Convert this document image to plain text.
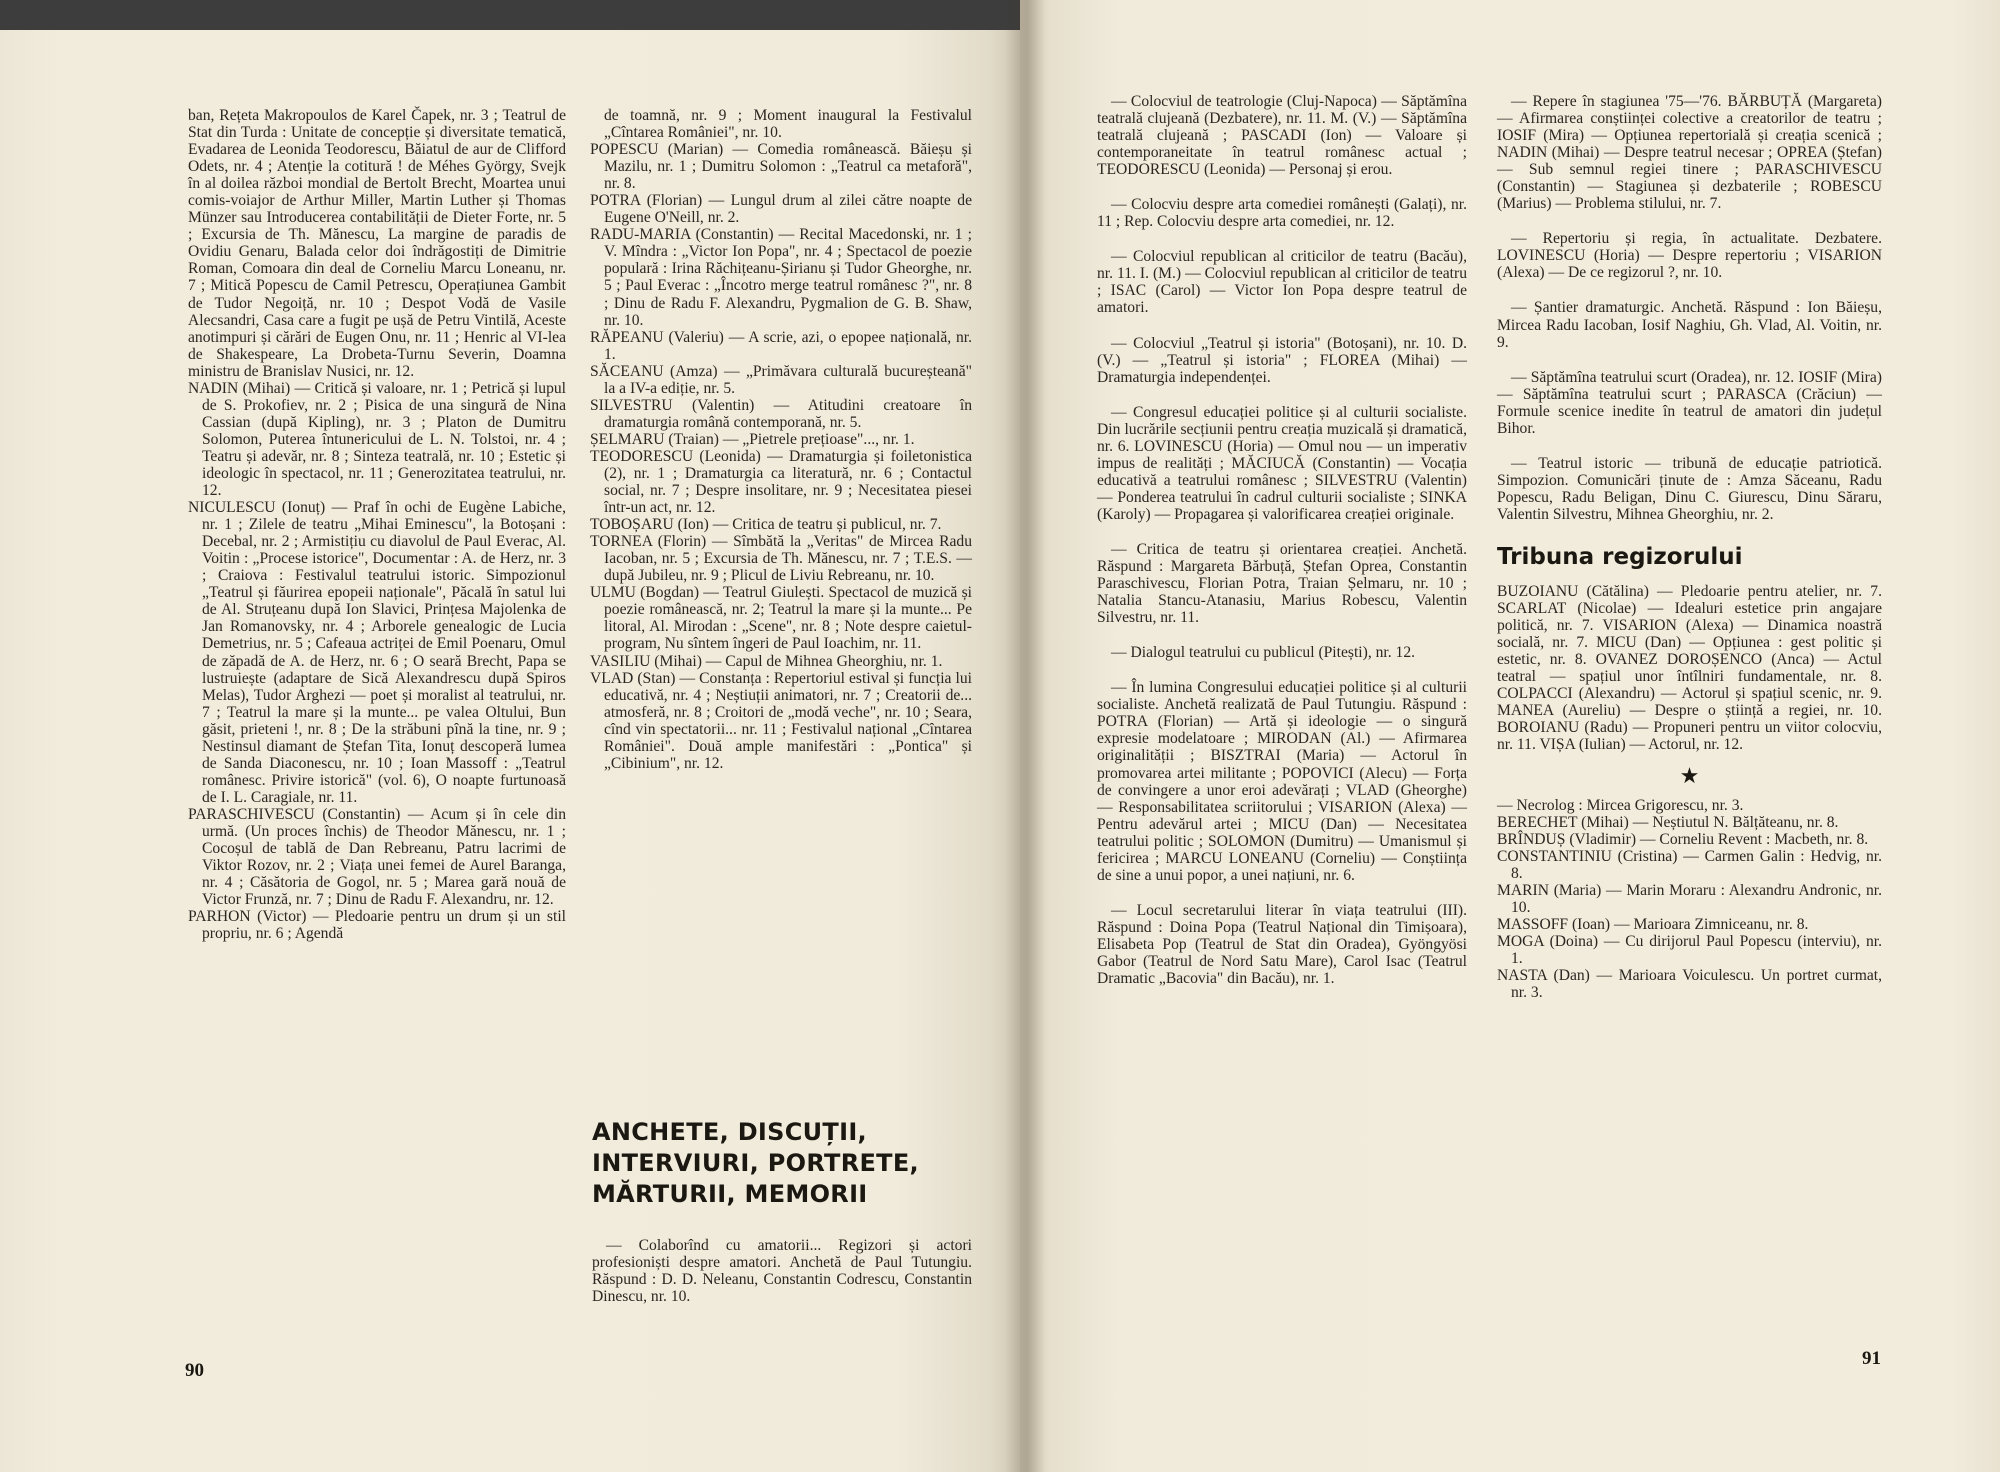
ban, Rețeta Makropoulos de Karel Čapek, nr. 3 ; Teatrul de Stat din Turda : Unitate de concepție și diversitate tematică, Evadarea de Leonida Teodorescu, Băiatul de aur de Clifford Odets, nr. 4 ; Atenție la cotitură ! de Méhes György, Svejk în al doilea război mondial de Bertolt Brecht, Moartea unui comis-voiajor de Arthur Miller, Martin Luther și Thomas Münzer sau Introducerea contabilității de Dieter Forte, nr. 5 ; Excursia de Th. Mănescu, La margine de paradis de Ovidiu Genaru, Balada celor doi îndrăgostiți de Dimitrie Roman, Comoara din deal de Corneliu Marcu Loneanu, nr. 7 ; Mitică Popescu de Camil Petrescu, Operațiunea Gambit de Tudor Negoiță, nr. 10 ; Despot Vodă de Vasile Alecsandri, Casa care a fugit pe ușă de Petru Vintilă, Aceste anotimpuri și cărări de Eugen Onu, nr. 11 ; Henric al VI-lea de Shakespeare, La Drobeta-Turnu Severin, Doamna ministru de Branislav Nusici, nr. 12.

NADIN (Mihai) — Critică și valoare, nr. 1 ; Petrică și lupul de S. Prokofiev, nr. 2 ; Pisica de una singură de Nina Cassian (după Kipling), nr. 3 ; Platon de Dumitru Solomon, Puterea întunericului de L. N. Tolstoi, nr. 4 ; Teatru și adevăr, nr. 8 ; Sinteza teatrală, nr. 10 ; Estetic și ideologic în spectacol, nr. 11 ; Generozitatea teatrului, nr. 12.

NICULESCU (Ionuț) — Praf în ochi de Eugène Labiche, nr. 1 ; Zilele de teatru „Mihai Eminescu", la Botoșani : Decebal, nr. 2 ; Armistițiu cu diavolul de Paul Everac, Al. Voitin : „Procese istorice", Documentar : A. de Herz, nr. 3 ; Craiova : Festivalul teatrului istoric. Simpozionul „Teatrul și făurirea epopeii naționale", Păcală în satul lui de Al. Struțeanu după Ion Slavici, Prințesa Majolenka de Jan Romanovsky, nr. 4 ; Arborele genealogic de Lucia Demetrius, nr. 5 ; Cafeaua actriței de Emil Poenaru, Omul de zăpadă de A. de Herz, nr. 6 ; O seară Brecht, Papa se lustruiește (adaptare de Sică Alexandrescu după Spiros Melas), Tudor Arghezi — poet și moralist al teatrului, nr. 7 ; Teatrul la mare și la munte... pe valea Oltului, Bun găsit, prieteni !, nr. 8 ; De la străbuni pînă la tine, nr. 9 ; Nestinsul diamant de Ștefan Tita, Ionuț descoperă lumea de Sanda Diaconescu, nr. 10 ; Ioan Massoff : „Teatrul românesc. Privire istorică" (vol. 6), O noapte furtunoasă de I. L. Caragiale, nr. 11.

PARASCHIVESCU (Constantin) — Acum și în cele din urmă. (Un proces închis) de Theodor Mănescu, nr. 1 ; Cocoșul de tablă de Dan Rebreanu, Patru lacrimi de Viktor Rozov, nr. 2 ; Viața unei femei de Aurel Baranga, nr. 4 ; Căsătoria de Gogol, nr. 5 ; Marea gară nouă de Victor Frunză, nr. 7 ; Dinu de Radu F. Alexandru, nr. 12.

PARHON (Victor) — Pledoarie pentru un drum și un stil propriu, nr. 6 ; Agendă

de toamnă, nr. 9 ; Moment inaugural la Festivalul „Cîntarea României", nr. 10.

POPESCU (Marian) — Comedia românească. Băieșu și Mazilu, nr. 1 ; Dumitru Solomon : „Teatrul ca metaforă", nr. 8.

POTRA (Florian) — Lungul drum al zilei către noapte de Eugene O'Neill, nr. 2.

RADU-MARIA (Constantin) — Recital Macedonski, nr. 1 ; V. Mîndra : „Victor Ion Popa", nr. 4 ; Spectacol de poezie populară : Irina Răchițeanu-Șirianu și Tudor Gheorghe, nr. 5 ; Paul Everac : „Încotro merge teatrul românesc ?", nr. 8 ; Dinu de Radu F. Alexandru, Pygmalion de G. B. Shaw, nr. 10.

RĂPEANU (Valeriu) — A scrie, azi, o epopee națională, nr. 1.

SĂCEANU (Amza) — „Primăvara culturală bucureșteană" la a IV-a ediție, nr. 5.

SILVESTRU (Valentin) — Atitudini creatoare în dramaturgia română contemporană, nr. 5.

ȘELMARU (Traian) — „Pietrele prețioase"..., nr. 1.

TEODORESCU (Leonida) — Dramaturgia și foiletonistica (2), nr. 1 ; Dramaturgia ca literatură, nr. 6 ; Contactul social, nr. 7 ; Despre insolitare, nr. 9 ; Necesitatea piesei într-un act, nr. 12.

TOBOȘARU (Ion) — Critica de teatru și publicul, nr. 7.

TORNEA (Florin) — Sîmbătă la „Veritas" de Mircea Radu Iacoban, nr. 5 ; Excursia de Th. Mănescu, nr. 7 ; T.E.S. — după Jubileu, nr. 9 ; Plicul de Liviu Rebreanu, nr. 10.

ULMU (Bogdan) — Teatrul Giulești. Spectacol de muzică și poezie românească, nr. 2; Teatrul la mare și la munte... Pe litoral, Al. Mirodan : „Scene", nr. 8 ; Note despre caietul-program, Nu sîntem îngeri de Paul Ioachim, nr. 11.

VASILIU (Mihai) — Capul de Mihnea Gheorghiu, nr. 1.

VLAD (Stan) — Constanța : Repertoriul estival și funcția lui educativă, nr. 4 ; Neștiuții animatori, nr. 7 ; Creatorii de... atmosferă, nr. 8 ; Croitori de „modă veche", nr. 10 ; Seara, cînd vin spectatorii... nr. 11 ; Festivalul național „Cîntarea României". Două ample manifestări : „Pontica" și „Cibinium", nr. 12.

ANCHETE, DISCUȚII,

INTERVIURI, PORTRETE,

MĂRTURII, MEMORII

— Colaborînd cu amatorii... Regizori și actori profesioniști despre amatori. Anchetă de Paul Tutungiu. Răspund : D. D. Neleanu, Constantin Codrescu, Constantin Dinescu, nr. 10.

90

— Colocviul de teatrologie (Cluj-Napoca) — Săptămîna teatrală clujeană (Dezbatere), nr. 11. M. (V.) — Săptămîna teatrală clujeană ; PASCADI (Ion) — Valoare și contemporaneitate în teatrul românesc actual ; TEODORESCU (Leonida) — Personaj și erou.

— Colocviu despre arta comediei românești (Galați), nr. 11 ; Rep. Colocviu despre arta comediei, nr. 12.

— Colocviul republican al criticilor de teatru (Bacău), nr. 11. I. (M.) — Colocviul republican al criticilor de teatru ; ISAC (Carol) — Victor Ion Popa despre teatrul de amatori.

— Colocviul „Teatrul și istoria" (Botoșani), nr. 10. D. (V.) — „Teatrul și istoria" ; FLOREA (Mihai) — Dramaturgia independenței.

— Congresul educației politice și al culturii socialiste. Din lucrările secțiunii pentru creația muzicală și dramatică, nr. 6. LOVINESCU (Horia) — Omul nou — un imperativ impus de realități ; MĂCIUCĂ (Constantin) — Vocația educativă a teatrului românesc ; SILVESTRU (Valentin) — Ponderea teatrului în cadrul culturii socialiste ; SINKA (Karoly) — Propagarea și valorificarea creației originale.

— Critica de teatru și orientarea creației. Anchetă. Răspund : Margareta Bărbuță, Ștefan Oprea, Constantin Paraschivescu, Florian Potra, Traian Șelmaru, nr. 10 ; Natalia Stancu-Atanasiu, Marius Robescu, Valentin Silvestru, nr. 11.

— Dialogul teatrului cu publicul (Pitești), nr. 12.

— În lumina Congresului educației politice și al culturii socialiste. Anchetă realizată de Paul Tutungiu. Răspund : POTRA (Florian) — Artă și ideologie — o singură expresie modelatoare ; MIRODAN (Al.) — Afirmarea originalității ; BISZTRAI (Maria) — Actorul în promovarea artei militante ; POPOVICI (Alecu) — Forța de convingere a unor eroi adevărați ; VLAD (Gheorghe) — Responsabilitatea scriitorului ; VISARION (Alexa) — Pentru adevărul artei ; MICU (Dan) — Necesitatea teatrului politic ; SOLOMON (Dumitru) — Umanismul și fericirea ; MARCU LONEANU (Corneliu) — Conștiința de sine a unui popor, a unei națiuni, nr. 6.

— Locul secretarului literar în viața teatrului (III). Răspund : Doina Popa (Teatrul Național din Timișoara), Elisabeta Pop (Teatrul de Stat din Oradea), Gyöngyösi Gabor (Teatrul de Nord Satu Mare), Carol Isac (Teatrul Dramatic „Bacovia" din Bacău), nr. 1.

— Repere în stagiunea '75—'76. BĂRBUȚĂ (Margareta) — Afirmarea conștiinței colective a creatorilor de teatru ; IOSIF (Mira) — Opțiunea repertorială și creația scenică ; NADIN (Mihai) — Despre teatrul necesar ; OPREA (Ștefan) — Sub semnul regiei tinere ; PARASCHIVESCU (Constantin) — Stagiunea și dezbaterile ; ROBESCU (Marius) — Problema stilului, nr. 7.

— Repertoriu și regia, în actualitate. Dezbatere. LOVINESCU (Horia) — Despre repertoriu ; VISARION (Alexa) — De ce regizorul ?, nr. 10.

— Șantier dramaturgic. Anchetă. Răspund : Ion Băieșu, Mircea Radu Iacoban, Iosif Naghiu, Gh. Vlad, Al. Voitin, nr. 9.

— Săptămîna teatrului scurt (Oradea), nr. 12. IOSIF (Mira) — Săptămîna teatrului scurt ; PARASCA (Crăciun) — Formule scenice inedite în teatrul de amatori din județul Bihor.

— Teatrul istoric — tribună de educație patriotică. Simpozion. Comunicări ținute de : Amza Săceanu, Radu Popescu, Radu Beligan, Dinu C. Giurescu, Dinu Săraru, Valentin Silvestru, Mihnea Gheorghiu, nr. 2.

Tribuna regizorului

BUZOIANU (Cătălina) — Pledoarie pentru atelier, nr. 7. SCARLAT (Nicolae) — Idealuri estetice prin angajare politică, nr. 7. VISARION (Alexa) — Dinamica noastră socială, nr. 7. MICU (Dan) — Opțiunea : gest politic și estetic, nr. 8. OVANEZ DOROȘENCO (Anca) — Actul teatral — spațiul unor întîlniri fundamentale, nr. 8. COLPACCI (Alexandru) — Actorul și spațiul scenic, nr. 9. MANEA (Aureliu) — Despre o știință a regiei, nr. 10. BOROIANU (Radu) — Propuneri pentru un viitor colocviu, nr. 11. VIȘA (Iulian) — Actorul, nr. 12.

★

— Necrolog : Mircea Grigorescu, nr. 3.

BERECHET (Mihai) — Neștiutul N. Bălțăteanu, nr. 8.

BRÎNDUȘ (Vladimir) — Corneliu Revent : Macbeth, nr. 8.

CONSTANTINIU (Cristina) — Carmen Galin : Hedvig, nr. 8.

MARIN (Maria) — Marin Moraru : Alexandru Andronic, nr. 10.

MASSOFF (Ioan) — Marioara Zimniceanu, nr. 8.

MOGA (Doina) — Cu dirijorul Paul Popescu (interviu), nr. 1.

NASTA (Dan) — Marioara Voiculescu. Un portret curmat, nr. 3.

91
